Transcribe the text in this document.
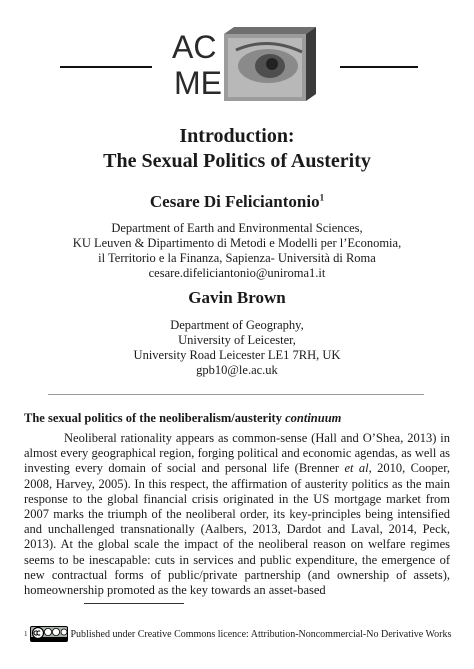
AC
ME
Introduction:
The Sexual Politics of Austerity
Cesare Di Feliciantonio$^1$
Department of Earth and Environmental Sciences,
KU Leuven & Dipartimento di Metodi e Modelli per l’Economia,
il Territorio e la Finanza, Sapienza- Università di Roma
cesare.difeliciantonio@uniroma1.it
Gavin Brown
Department of Geography,
University of Leicester,
University Road Leicester LE1 7RH, UK
gpb10@le.ac.uk
The sexual politics of the neoliberalism/austerity continuum
Neoliberal rationality appears as common-sense (Hall and O’Shea, 2013) in almost every geographical region, forging political and economic agendas, as well as investing every domain of social and personal life (Brenner et al, 2010, Cooper, 2008, Harvey, 2005). In this respect, the affirmation of austerity politics as the main response to the global financial crisis originated in the US mortgage market from 2007 marks the triumph of the neoliberal order, its key-principles being intensified and unchallenged transnationally (Aalbers, 2013, Dardot and Laval, 2014, Peck, 2013). At the global scale the impact of the neoliberal reason on welfare regimes seems to be inescapable: cuts in services and public expenditure, the emergence of new contractual forms of public/private partnership (and ownership of assets), homeownership promoted as the key towards an asset-based
1	Published under Creative Commons licence: Attribution-Noncommercial-No Derivative Works
